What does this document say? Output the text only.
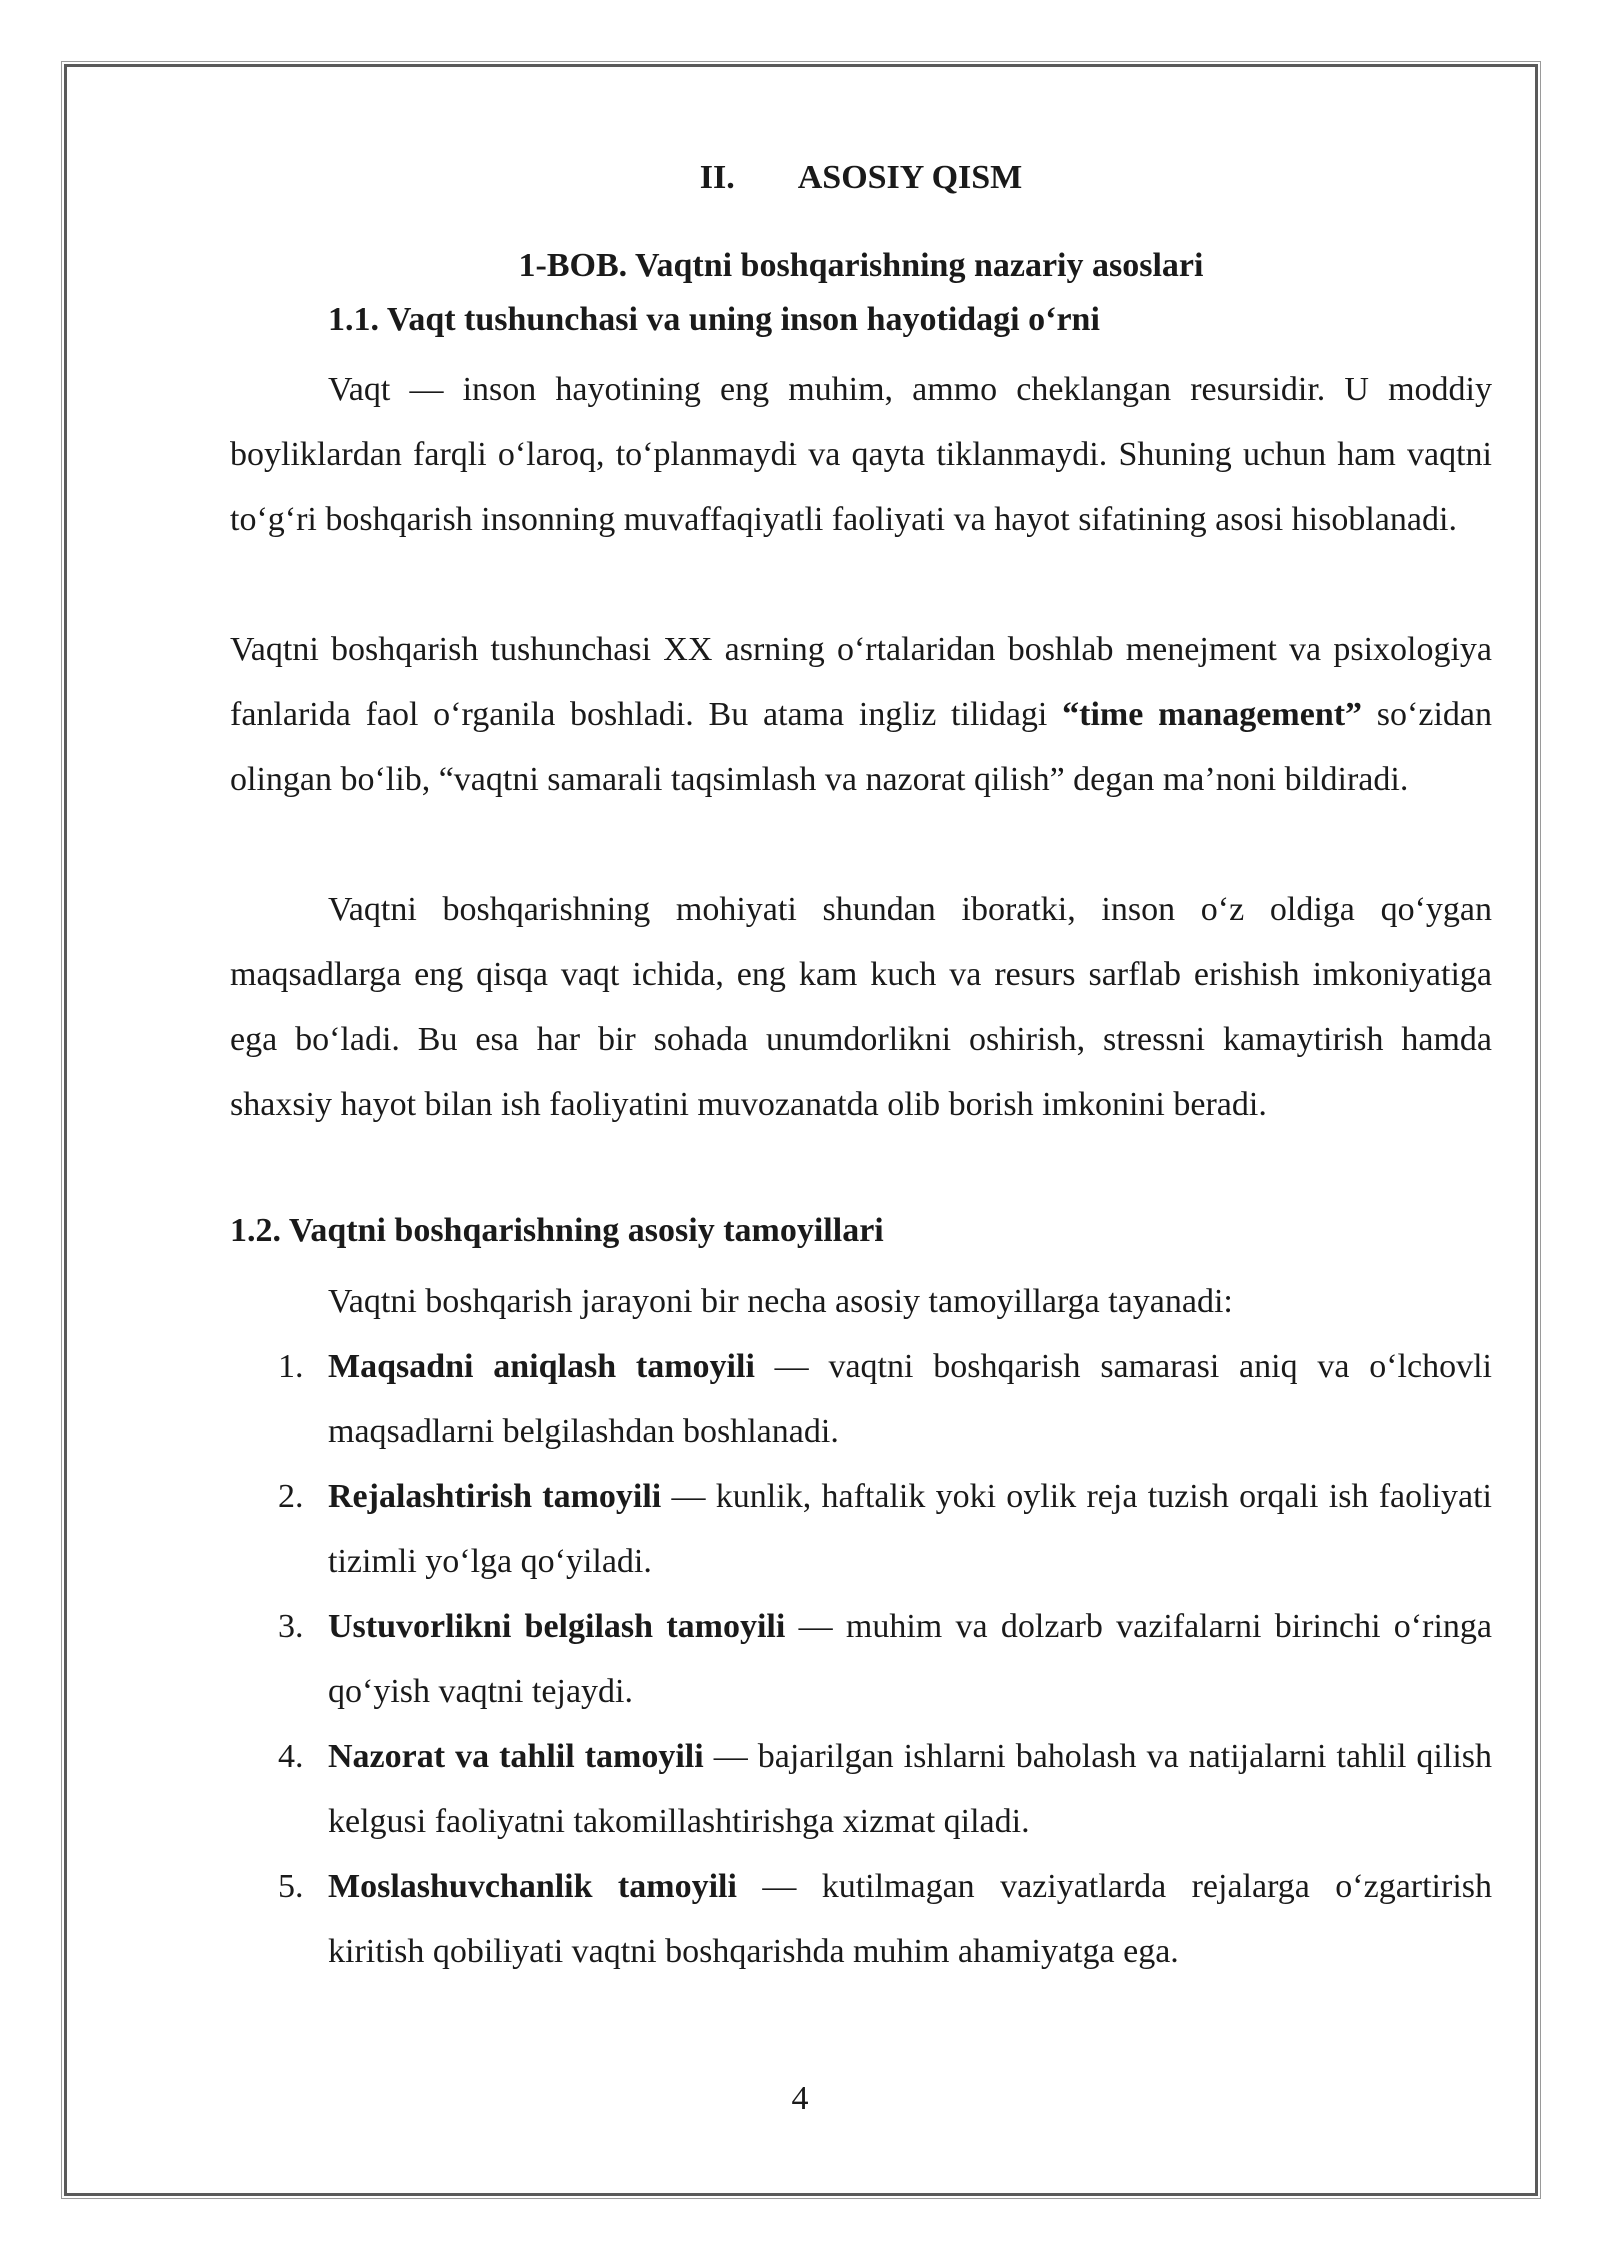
II. ASOSIY QISM
1-BOB. Vaqtni boshqarishning nazariy asoslari
1.1. Vaqt tushunchasi va uning inson hayotidagi o‘rni

Vaqt — inson hayotining eng muhim, ammo cheklangan resursidir. U moddiy boyliklardan farqli o‘laroq, to‘planmaydi va qayta tiklanmaydi. Shuning uchun ham vaqtni to‘g‘ri boshqarish insonning muvaffaqiyatli faoliyati va hayot sifatining asosi hisoblanadi.

Vaqtni boshqarish tushunchasi XX asrning o‘rtalaridan boshlab menejment va psixologiya fanlarida faol o‘rganila boshladi. Bu atama ingliz tilidagi “time management” so‘zidan olingan bo‘lib, “vaqtni samarali taqsimlash va nazorat qilish” degan ma’noni bildiradi.

Vaqtni boshqarishning mohiyati shundan iboratki, inson o‘z oldiga qo‘ygan maqsadlarga eng qisqa vaqt ichida, eng kam kuch va resurs sarflab erishish imkoniyatiga ega bo‘ladi. Bu esa har bir sohada unumdorlikni oshirish, stressni kamaytirish hamda shaxsiy hayot bilan ish faoliyatini muvozanatda olib borish imkonini beradi.

1.2. Vaqtni boshqarishning asosiy tamoyillari

Vaqtni boshqarish jarayoni bir necha asosiy tamoyillarga tayanadi:

1. Maqsadni aniqlash tamoyili — vaqtni boshqarish samarasi aniq va o‘lchovli maqsadlarni belgilashdan boshlanadi.
2. Rejalashtirish tamoyili — kunlik, haftalik yoki oylik reja tuzish orqali ish faoliyati tizimli yo‘lga qo‘yiladi.
3. Ustuvorlikni belgilash tamoyili — muhim va dolzarb vazifalarni birinchi o‘ringa qo‘yish vaqtni tejaydi.
4. Nazorat va tahlil tamoyili — bajarilgan ishlarni baholash va natijalarni tahlil qilish kelgusi faoliyatni takomillashtirishga xizmat qiladi.
5. Moslashuvchanlik tamoyili — kutilmagan vaziyatlarda rejalarga o‘zgartirish kiritish qobiliyati vaqtni boshqarishda muhim ahamiyatga ega.
4
